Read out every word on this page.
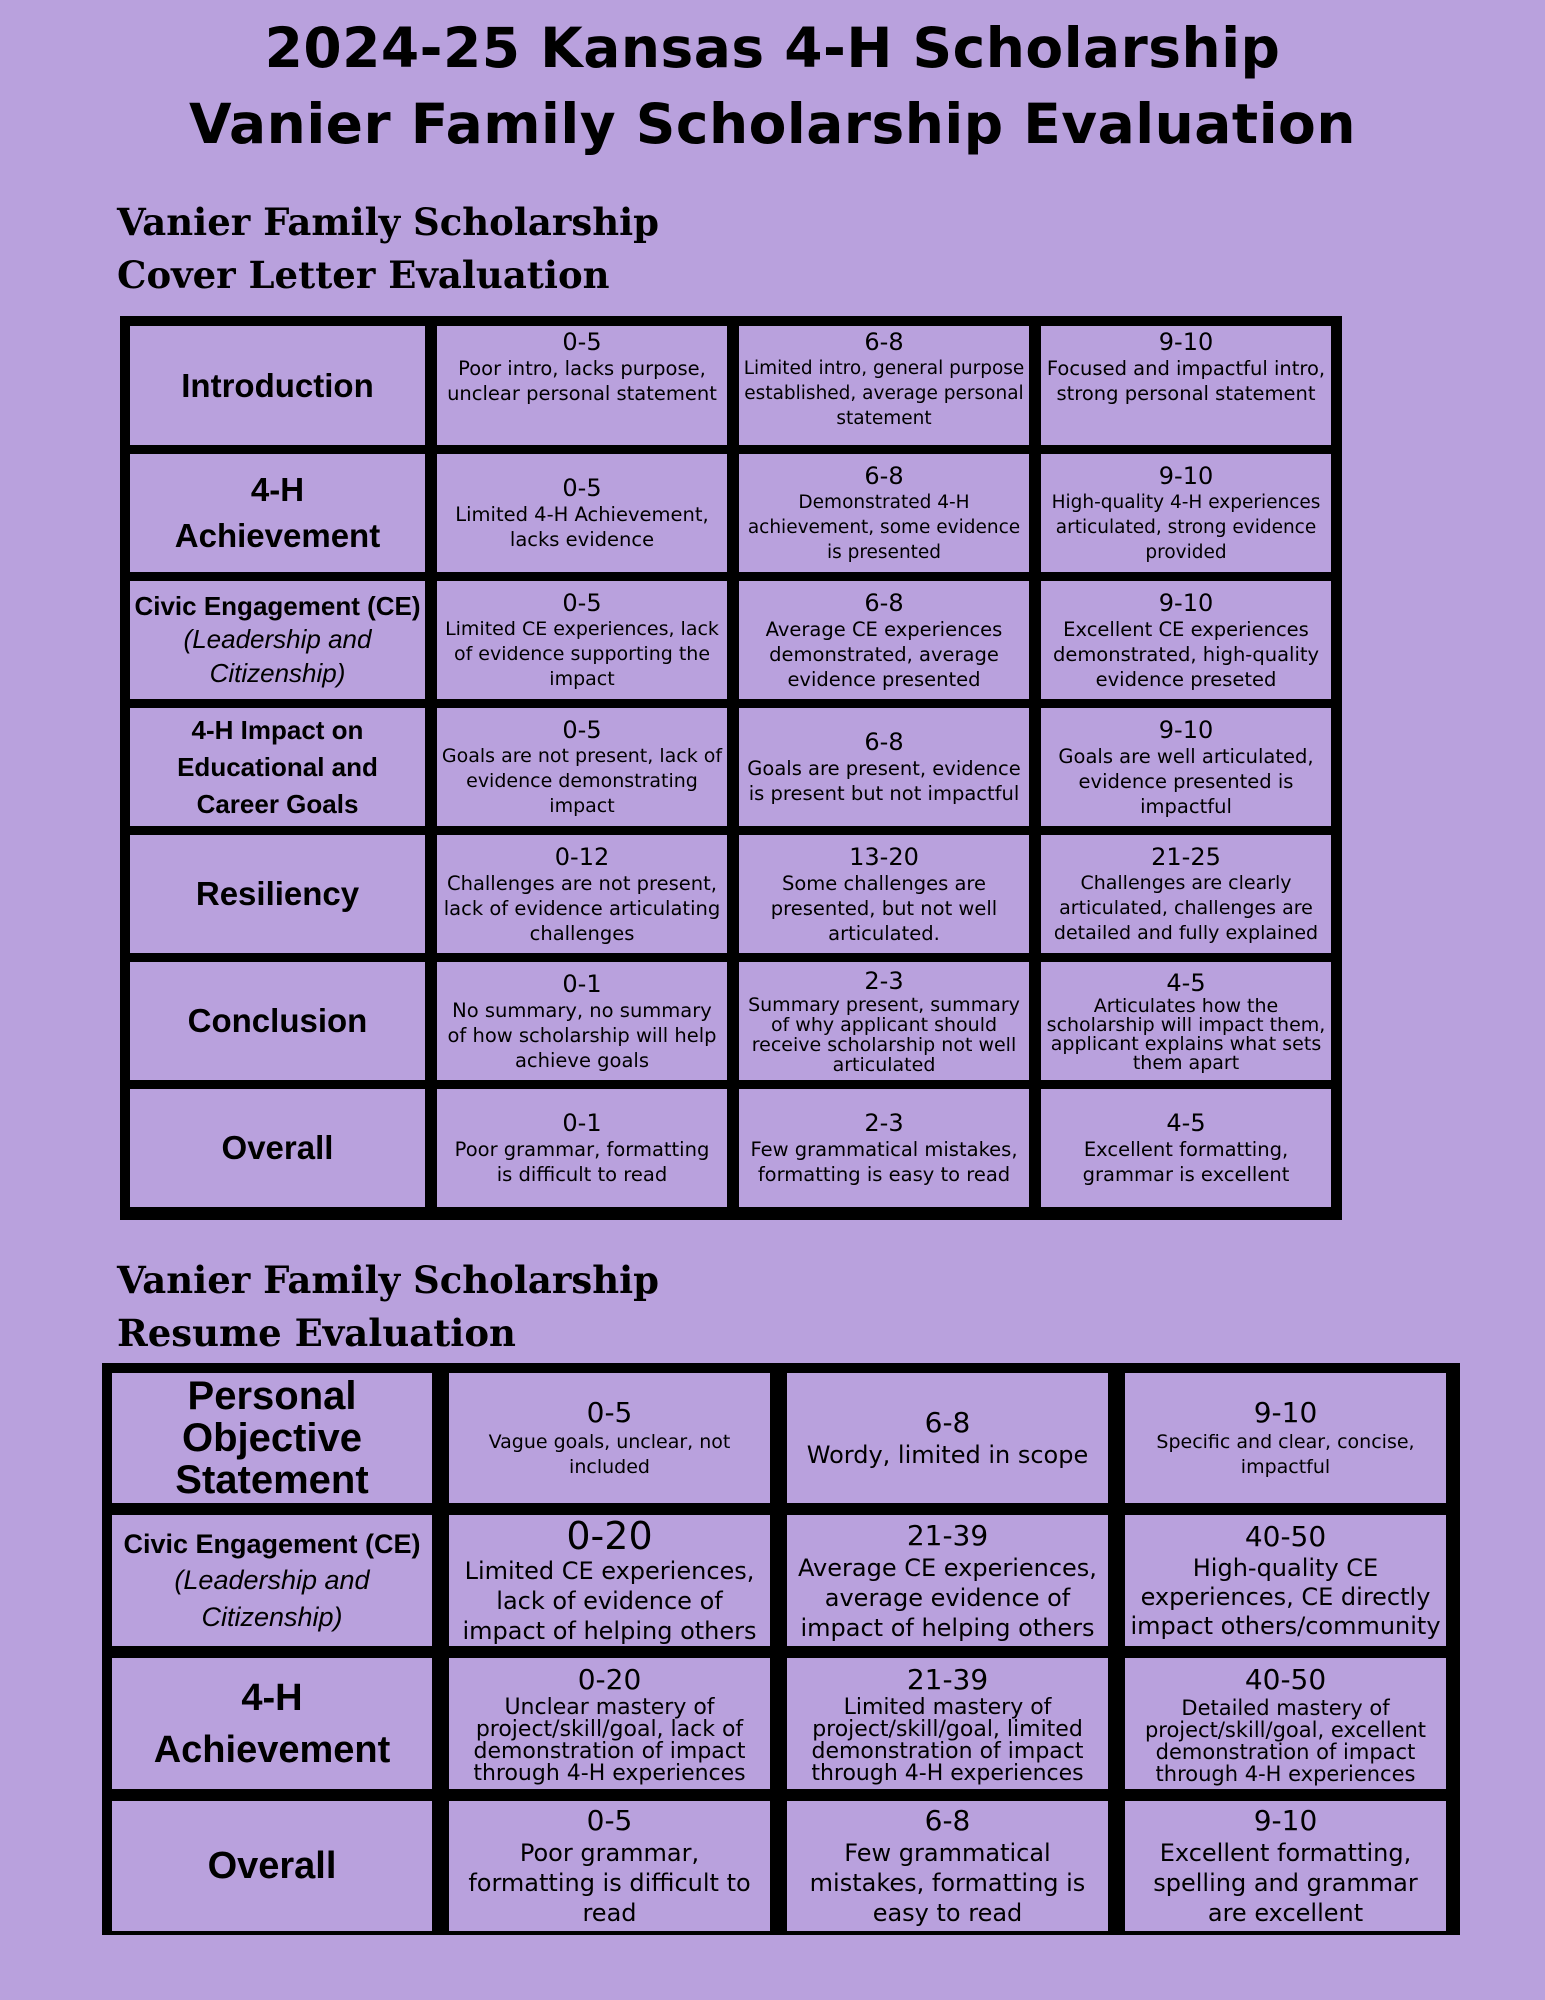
2024-25 Kansas 4-H Scholarship
Vanier Family Scholarship Evaluation
Vanier Family Scholarship
Cover Letter Evaluation
Introduction
0-5
Poor intro, lacks purpose, unclear personal statement
6-8
Limited intro, general purpose established, average personal statement
9-10
Focused and impactful intro, strong personal statement
4-H Achievement
0-5
Limited 4-H Achievement, lacks evidence
6-8
Demonstrated 4-H achievement, some evidence is presented
9-10
High-quality 4-H experiences articulated, strong evidence provided
Civic Engagement (CE)
(Leadership and Citizenship)
0-5
Limited CE experiences, lack of evidence supporting the impact
6-8
Average CE experiences demonstrated, average evidence presented
9-10
Excellent CE experiences demonstrated, high-quality evidence preseted
4-H Impact on Educational and Career Goals
0-5
Goals are not present, lack of evidence demonstrating impact
6-8
Goals are present, evidence is present but not impactful
9-10
Goals are well articulated, evidence presented is impactful
Resiliency
0-12
Challenges are not present, lack of evidence articulating challenges
13-20
Some challenges are presented, but not well articulated.
21-25
Challenges are clearly articulated, challenges are detailed and fully explained
Conclusion
0-1
No summary, no summary of how scholarship will help achieve goals
2-3
Summary present, summary of why applicant should receive scholarship not well articulated
4-5
Articulates how the scholarship will impact them, applicant explains what sets them apart
Overall
0-1
Poor grammar, formatting is difficult to read
2-3
Few grammatical mistakes, formatting is easy to read
4-5
Excellent formatting, grammar is excellent
Vanier Family Scholarship
Resume Evaluation
Personal Objective Statement
0-5
Vague goals, unclear, not included
6-8
Wordy, limited in scope
9-10
Specific and clear, concise, impactful
Civic Engagement (CE)
(Leadership and Citizenship)
0-20
Limited CE experiences, lack of evidence of impact of helping others
21-39
Average CE experiences, average evidence of impact of helping others
40-50
High-quality CE experiences, CE directly impact others/community
4-H Achievement
0-20
Unclear mastery of project/skill/goal, lack of demonstration of impact through 4-H experiences
21-39
Limited mastery of project/skill/goal, limited demonstration of impact through 4-H experiences
40-50
Detailed mastery of project/skill/goal, excellent demonstration of impact through 4-H experiences
Overall
0-5
Poor grammar, formatting is difficult to read
6-8
Few grammatical mistakes, formatting is easy to read
9-10
Excellent formatting, spelling and grammar are excellent
